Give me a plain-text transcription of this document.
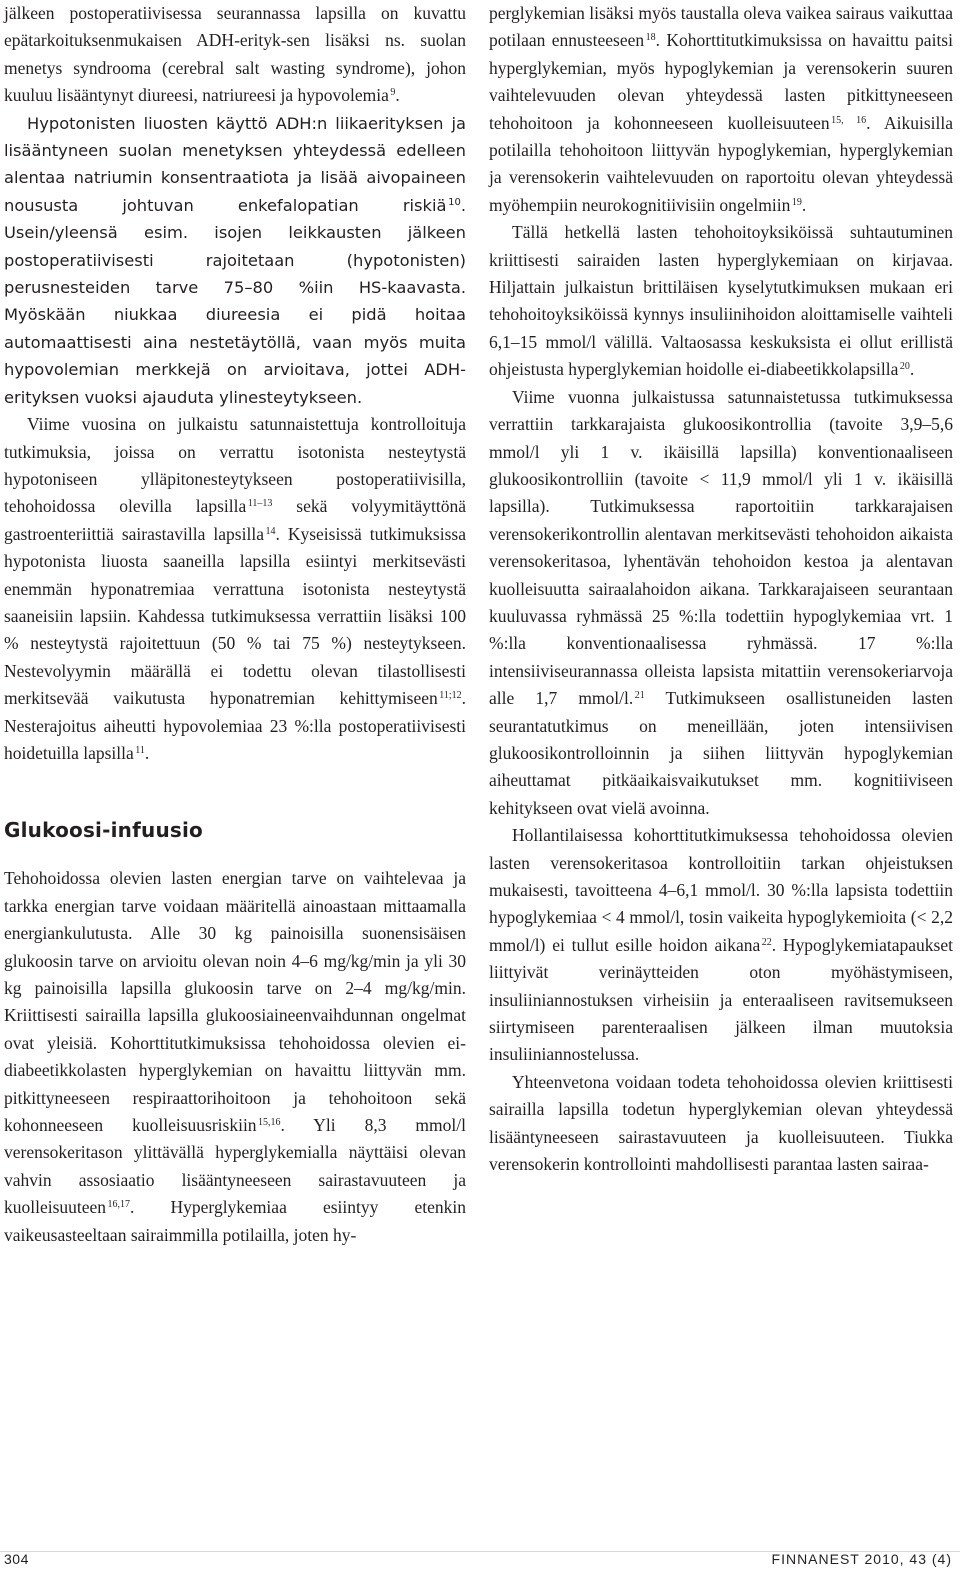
jälkeen postoperatiivisessa seurannassa lapsilla on kuvattu epätarkoituksenmukaisen ADH-erityk-sen lisäksi ns. suolan menetys syndrooma (cerebral salt wasting syndrome), johon kuuluu lisääntynyt diureesi, natriureesi ja hypovolemia $^9$.

Hypotonisten liuosten käyttö ADH:n liikaerityksen ja lisääntyneen suolan menetyksen yhteydessä edelleen alentaa natriumin konsentraatiota ja lisää aivopaineen noususta johtuvan enkefalopatian riskiä  $^{10}$. Usein/yleensä esim. isojen leikkausten jälkeen postoperatiivisesti rajoitetaan (hypotonisten) perusnesteiden tarve 75–80 %iin HS-kaavasta. Myöskään niukkaa diureesia ei pidä hoitaa automaattisesti aina nestetäytöllä, vaan myös muita hypovolemian merkkejä on arvioitava, jottei ADH-erityksen vuoksi ajauduta ylinesteytykseen.

Viime vuosina on julkaistu satunnaistettuja kontrolloituja tutkimuksia, joissa on verrattu isotonista nesteytystä hypotoniseen ylläpitonesteytykseen postoperatiivisilla, tehohoidossa olevilla lapsilla $^{11-13}$ sekä volyymitäyttönä gastroenteriittiä sairastavilla lapsilla $^{14}$. Kyseisissä tutkimuksissa hypotonista liuosta saaneilla lapsilla esiintyi merkitsevästi enemmän hyponatremiaa verrattuna isotonista nesteytystä saaneisiin lapsiin. Kahdessa tutkimuksessa verrattiin lisäksi 100 % nesteytystä rajoitettuun (50 % tai 75 %) nesteytykseen. Nestevolyymin määrällä ei todettu olevan tilastollisesti merkitsevää vaikutusta hyponatremian kehittymiseen $^{11;12}$. Nesterajoitus aiheutti hypovolemiaa 23 %:lla postoperatiivisesti hoidetuilla lapsilla $^{11}$.

Glukoosi-infuusio

Tehohoidossa olevien lasten energian tarve on vaihtelevaa ja tarkka energian tarve voidaan määritellä ainoastaan mittaamalla energiankulutusta. Alle 30 kg painoisilla suonensisäisen glukoosin tarve on arvioitu olevan noin 4–6 mg/kg/min ja yli 30 kg painoisilla lapsilla glukoosin tarve on 2–4 mg/kg/min. Kriittisesti sairailla lapsilla glukoosiaineenvaihdunnan ongelmat ovat yleisiä. Kohorttitutkimuksissa tehohoidossa olevien ei-diabeetikkolasten hyperglykemian on havaittu liittyvän mm. pitkittyneeseen respiraattorihoitoon ja tehohoitoon sekä kohonneeseen kuolleisuusriskiin $^{15,16}$. Yli 8,3 mmol/l verensokeritason ylittävällä hyperglykemialla näyttäisi olevan vahvin assosiaatio lisääntyneeseen sairastavuuteen ja kuolleisuuteen $^{16,17}$. Hyperglykemiaa esiintyy etenkin vaikeusasteeltaan sairaimmilla potilailla, joten hy-

perglykemian lisäksi myös taustalla oleva vaikea sairaus vaikuttaa potilaan ennusteeseen $^{18}$. Kohorttitutkimuksissa on havaittu paitsi hyperglykemian, myös hypoglykemian ja verensokerin suuren vaihtelevuuden olevan yhteydessä lasten pitkittyneeseen tehohoitoon ja kohonneeseen kuolleisuuteen $^{15, 16}$. Aikuisilla potilailla tehohoitoon liittyvän hypoglykemian, hyperglykemian ja verensokerin vaihtelevuuden on raportoitu olevan yhteydessä myöhempiin neurokognitiivisiin ongelmiin $^{19}$.

Tällä hetkellä lasten tehohoitoyksiköissä suhtautuminen kriittisesti sairaiden lasten hyperglykemiaan on kirjavaa. Hiljattain julkaistun brittiläisen kyselytutkimuksen mukaan eri tehohoitoyksiköissä kynnys insuliinihoidon aloittamiselle vaihteli 6,1–15 mmol/l välillä. Valtaosassa keskuksista ei ollut erillistä ohjeistusta hyperglykemian hoidolle ei-diabeetikkolapsilla $^{20}$.

Viime vuonna julkaistussa satunnaistetussa tutkimuksessa verrattiin tarkkarajaista glukoosikontrollia (tavoite 3,9–5,6 mmol/l yli 1 v. ikäisillä lapsilla) konventionaaliseen glukoosikontrolliin (tavoite < 11,9 mmol/l yli 1 v. ikäisillä lapsilla). Tutkimuksessa raportoitiin tarkkarajaisen verensokerikontrollin alentavan merkitsevästi tehohoidon aikaista verensokeritasoa, lyhentävän tehohoidon kestoa ja alentavan kuolleisuutta sairaalahoidon aikana. Tarkkarajaiseen seurantaan kuuluvassa ryhmässä 25 %:lla todettiin hypoglykemiaa vrt. 1 %:lla konventionaalisessa ryhmässä. 17 %:lla intensiiviseurannassa olleista lapsista mitattiin verensokeriarvoja alle 1,7 mmol/l. $^{21}$ Tutkimukseen osallistuneiden lasten seurantatutkimus on meneillään, joten intensiivisen glukoosikontrolloinnin ja siihen liittyvän hypoglykemian aiheuttamat pitkäaikaisvaikutukset mm. kognitiiviseen kehitykseen ovat vielä avoinna.

Hollantilaisessa kohorttitutkimuksessa tehohoidossa olevien lasten verensokeritasoa kontrolloitiin tarkan ohjeistuksen mukaisesti, tavoitteena 4–6,1 mmol/l. 30 %:lla lapsista todettiin hypoglykemiaa < 4 mmol/l, tosin vaikeita hypoglykemioita (< 2,2 mmol/l) ei tullut esille hoidon aikana $^{22}$. Hypoglykemiatapaukset liittyivät verinäytteiden oton myöhästymiseen, insuliiniannostuksen virheisiin ja enteraaliseen ravitsemukseen siirtymiseen parenteraalisen jälkeen ilman muutoksia insuliiniannostelussa.

Yhteenvetona voidaan todeta tehohoidossa olevien kriittisesti sairailla lapsilla todetun hyperglykemian olevan yhteydessä lisääntyneeseen sairastavuuteen ja kuolleisuuteen. Tiukka verensokerin kontrollointi mahdollisesti parantaa lasten sairaa-

304	FINNANEST 2010, 43 (4)
